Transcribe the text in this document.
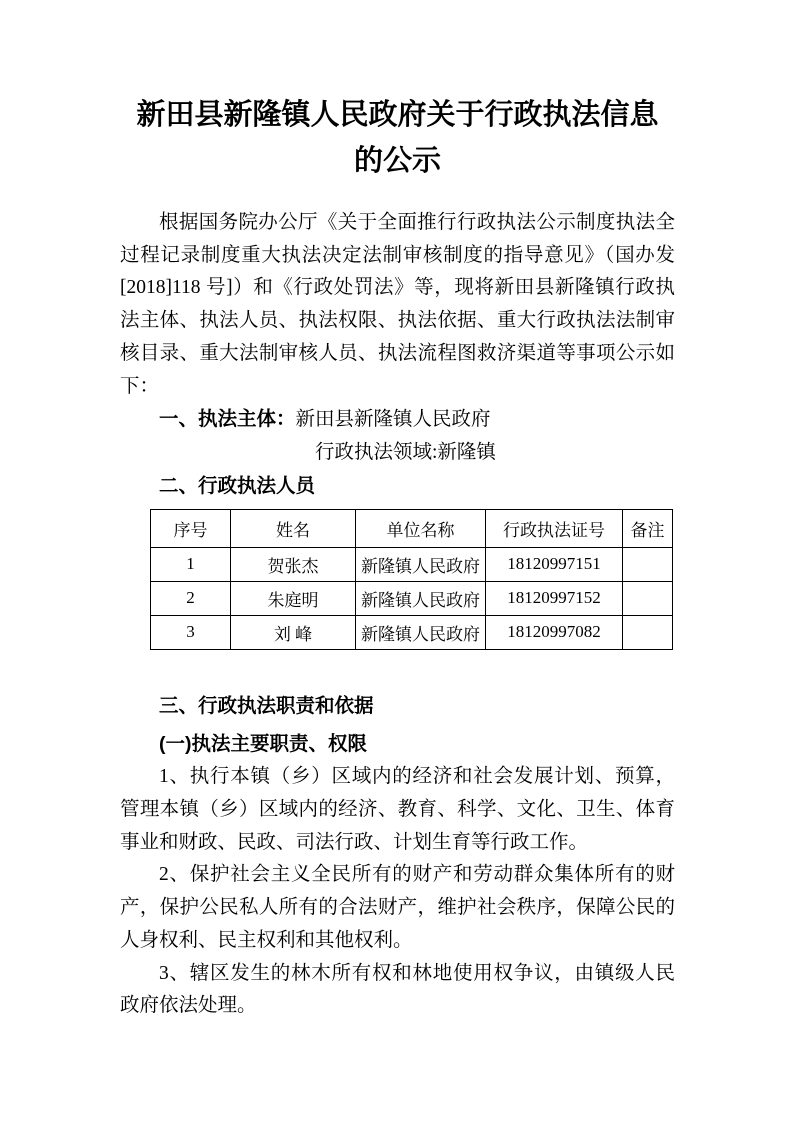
新田县新隆镇人民政府关于行政执法信息
的公示

根据国务院办公厅《关于全面推行行政执法公示制度执法全过程记录制度重大执法决定法制审核制度的指导意见》（国办发[2018]118 号]）和《行政处罚法》等，现将新田县新隆镇行政执法主体、执法人员、执法权限、执法依据、重大行政执法法制审核目录、重大法制审核人员、执法流程图救济渠道等事项公示如下：

一、执法主体：新田县新隆镇人民政府

行政执法领域:新隆镇

二、行政执法人员

序号	姓名	单位名称	行政执法证号	备注
1	贺张杰	新隆镇人民政府	18120997151	
2	朱庭明	新隆镇人民政府	18120997152	
3	刘 峰	新隆镇人民政府	18120997082	

三、行政执法职责和依据

(一)执法主要职责、权限

1、执行本镇（乡）区域内的经济和社会发展计划、预算，管理本镇（乡）区域内的经济、教育、科学、文化、卫生、体育事业和财政、民政、司法行政、计划生育等行政工作。

2、保护社会主义全民所有的财产和劳动群众集体所有的财产，保护公民私人所有的合法财产，维护社会秩序，保障公民的人身权利、民主权利和其他权利。

3、辖区发生的林木所有权和林地使用权争议，由镇级人民政府依法处理。
